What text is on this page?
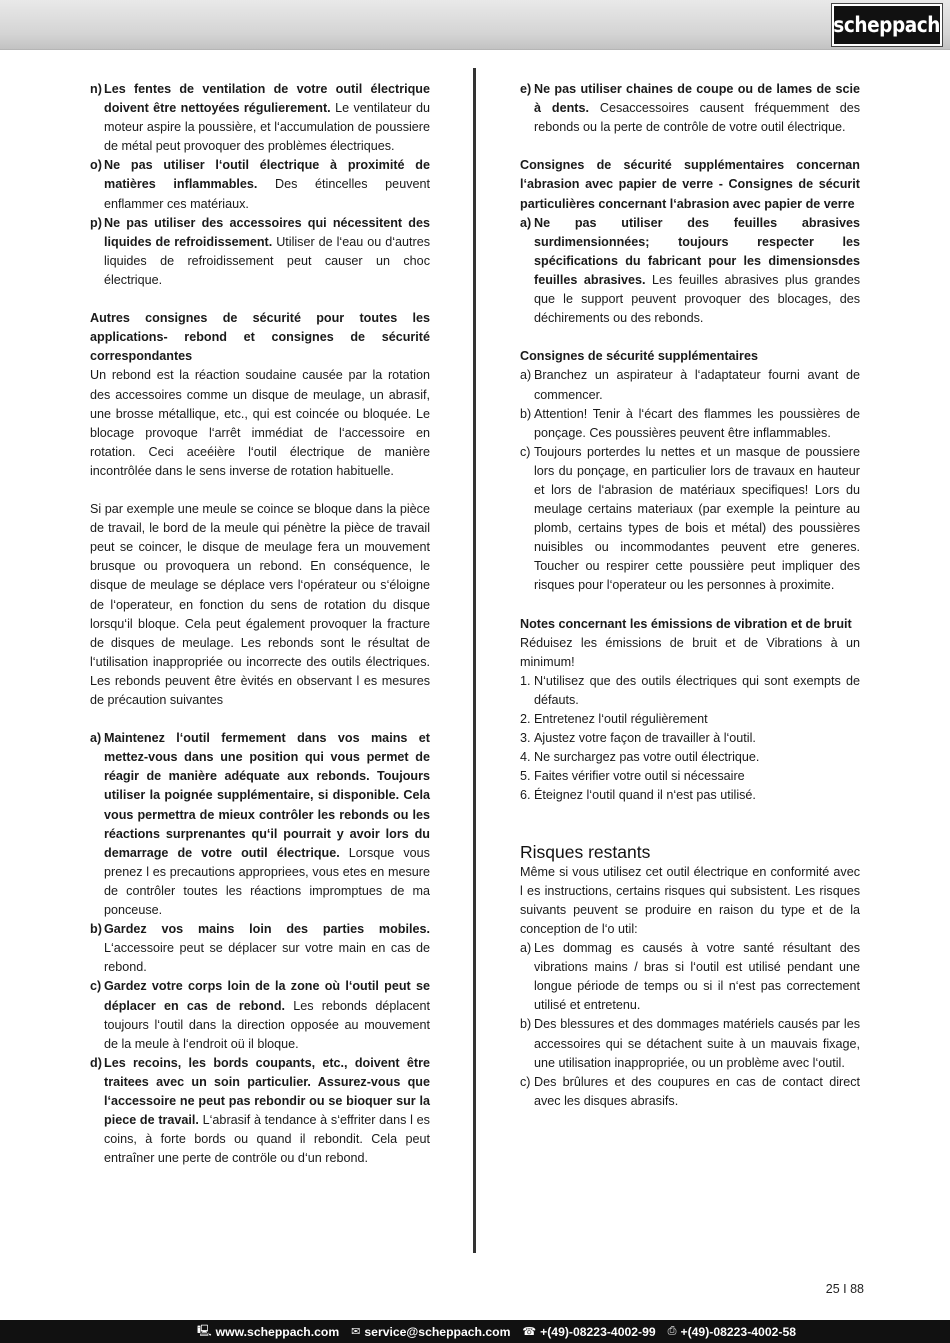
scheppach
n) Les fentes de ventilation de votre outil électrique doivent être nettoyées régulierement. Le ventilateur du moteur aspire la poussière, et l‘accumulation de poussiere de métal peut provoquer des problèmes électriques.
o) Ne pas utiliser l‘outil électrique à proximité de matières inflammables. Des étincelles peuvent enflammer ces matériaux.
p) Ne pas utiliser des accessoires qui nécessitent des liquides de refroidissement. Utiliser de l‘eau ou d‘autres liquides de refroidissement peut causer un choc électrique.
Autres consignes de sécurité pour toutes les applications- rebond et consignes de sécurité correspondantes
Un rebond est la réaction soudaine causée par la rotation des accessoires comme un disque de meulage, un abrasif, une brosse métallique, etc., qui est coincée ou bloquée. Le blocage provoque l‘arrêt immédiat de l‘accessoire en rotation. Ceci aceéière l‘outil électrique de manière incontrôlée dans le sens inverse de rotation habituelle.
Si par exemple une meule se coince se bloque dans la pièce de travail, le bord de la meule qui pénètre la pièce de travail peut se coincer, le disque de meulage fera un mouvement brusque ou provoquera un rebond. En conséquence, le disque de meulage se déplace vers l‘opérateur ou s‘éloigne de l‘operateur, en fonction du sens de rotation du disque lorsqu‘il bloque. Cela peut également provoquer la fracture de disques de meulage. Les rebonds sont le résultat de l‘utilisation inappropriée ou incorrecte des outils électriques. Les rebonds peuvent être èvités en observant l es mesures de précaution suivantes
a) Maintenez l‘outil fermement dans vos mains et mettez-vous dans une position qui vous permet de réagir de manière adéquate aux rebonds. Toujours utiliser la poignée supplémentaire, si disponible. Cela vous permettra de mieux contrôler les rebonds ou les réactions surprenantes qu‘il pourrait y avoir lors du demarrage de votre outil électrique. Lorsque vous prenez l es precautions appropriees, vous etes en mesure de contrôler toutes les réactions impromptues de ma ponceuse.
b) Gardez vos mains loin des parties mobiles. L‘accessoire peut se déplacer sur votre main en cas de rebond.
c) Gardez votre corps loin de la zone où l‘outil peut se déplacer en cas de rebond. Les rebonds déplacent toujours l‘outil dans la direction opposée au mouvement de la meule à l‘endroit oü il bloque.
d) Les recoins, les bords coupants, etc., doivent être traitees avec un soin particulier. Assurez-vous que l‘accessoire ne peut pas rebondir ou se bioquer sur la piece de travail. L‘abrasif à tendance à s‘effriter dans l es coins, à forte bords ou quand il rebondit. Cela peut entraîner une perte de contröle ou d‘un rebond.
e) Ne pas utiliser chaines de coupe ou de lames de scie à dents. Cesaccessoires causent fréquemment des rebonds ou la perte de contrôle de votre outil électrique.
Consignes de sécurité supplémentaires concernan l‘abrasion avec papier de verre - Consignes de sécurit particulières concernant l‘abrasion avec papier de verre
a) Ne pas utiliser des feuilles abrasives surdimensionnées; toujours respecter les spécifications du fabricant pour les dimensionsdes feuilles abrasives. Les feuilles abrasives plus grandes que le support peuvent provoquer des blocages, des déchirements ou des rebonds.
Consignes de sécurité supplémentaires
a) Branchez un aspirateur à l‘adaptateur fourni avant de commencer.
b) Attention! Tenir à l‘écart des flammes les poussières de ponçage. Ces poussières peuvent être inflammables.
c) Toujours porterdes lu nettes et un masque de poussiere lors du ponçage, en particulier lors de travaux en hauteur et lors de l‘abrasion de matériaux specifiques! Lors du meulage certains materiaux (par exemple la peinture au plomb, certains types de bois et métal) des poussières nuisibles ou incommodantes peuvent etre generes. Toucher ou respirer cette poussière peut impliquer des risques pour l‘operateur ou les personnes à proximite.
Notes concernant les émissions de vibration et de bruit
Réduisez les émissions de bruit et de Vibrations à un minimum!
1. N‘utilisez que des outils électriques qui sont exempts de défauts.
2. Entretenez l‘outil régulièrement
3. Ajustez votre façon de travailler à l‘outil.
4. Ne surchargez pas votre outil électrique.
5. Faites vérifier votre outil si nécessaire
6. Éteignez l‘outil quand il n‘est pas utilisé.
Risques restants
Même si vous utilisez cet outil électrique en conformité avec l es instructions, certains risques qui subsistent. Les risques suivants peuvent se produire en raison du type et de la conception de l‘o util:
a) Les dommag es causés à votre santé résultant des vibrations mains / bras si l‘outil est utilisé pendant une longue période de temps ou si il n‘est pas correctement utilisé et entretenu.
b) Des blessures et des dommages matériels causés par les accessoires qui se détachent suite à un mauvais fixage, une utilisation inappropriée, ou un problème avec l‘outil.
c) Des brûlures et des coupures en cas de contact direct avec les disques abrasifs.
25 I 88
🖳 www.scheppach.com ✉ service@scheppach.com ☎ +(49)-08223-4002-99 ⎙ +(49)-08223-4002-58
